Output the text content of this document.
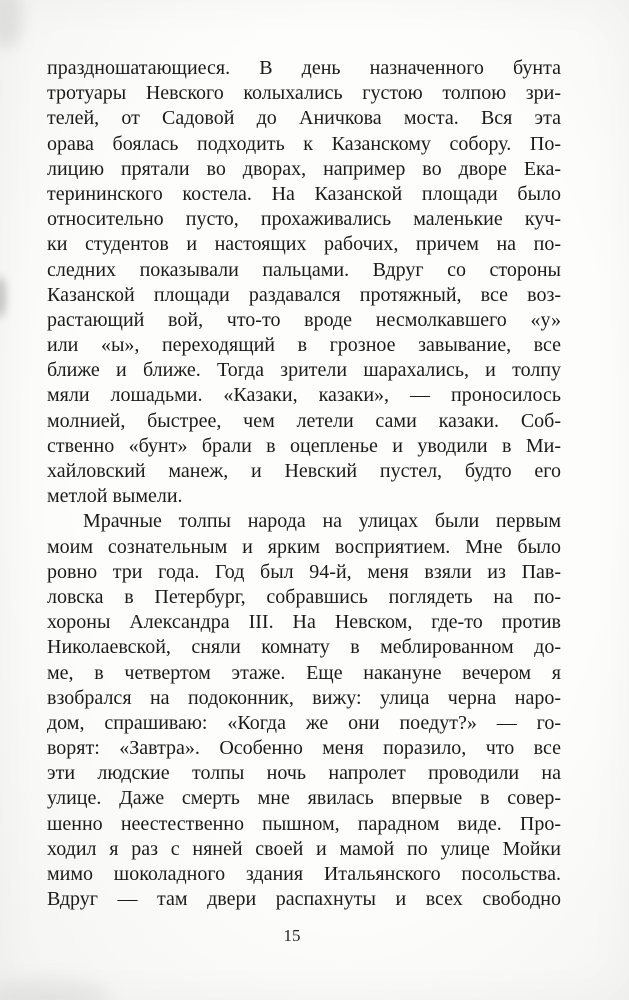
праздношатающиеся. В день назначенного бунта
тротуары Невского колыхались густою толпою зри-
телей, от Садовой до Аничкова моста. Вся эта
орава боялась подходить к Казанскому собору. По-
лицию прятали во дворах, например во дворе Ека-
терининского костела. На Казанской площади было
относительно пусто, прохаживались маленькие куч-
ки студентов и настоящих рабочих, причем на по-
следних показывали пальцами. Вдруг со стороны
Казанской площади раздавался протяжный, все воз-
растающий вой, что-то вроде несмолкавшего «у»
или «ы», переходящий в грозное завывание, все
ближе и ближе. Тогда зрители шарахались, и толпу
мяли лошадьми. «Казаки, казаки», — проносилось
молнией, быстрее, чем летели сами казаки. Соб-
ственно «бунт» брали в оцепленье и уводили в Ми-
хайловский манеж, и Невский пустел, будто его
метлой вымели.
Мрачные толпы народа на улицах были первым
моим сознательным и ярким восприятием. Мне было
ровно три года. Год был 94-й, меня взяли из Пав-
ловска в Петербург, собравшись поглядеть на по-
хороны Александра III. На Невском, где-то против
Николаевской, сняли комнату в меблированном до-
ме, в четвертом этаже. Еще накануне вечером я
взобрался на подоконник, вижу: улица черна наро-
дом, спрашиваю: «Когда же они поедут?» — го-
ворят: «Завтра». Особенно меня поразило, что все
эти людские толпы ночь напролет проводили на
улице. Даже смерть мне явилась впервые в совер-
шенно неестественно пышном, парадном виде. Про-
ходил я раз с няней своей и мамой по улице Мойки
мимо шоколадного здания Итальянского посольства.
Вдруг — там двери распахнуты и всех свободно
15
